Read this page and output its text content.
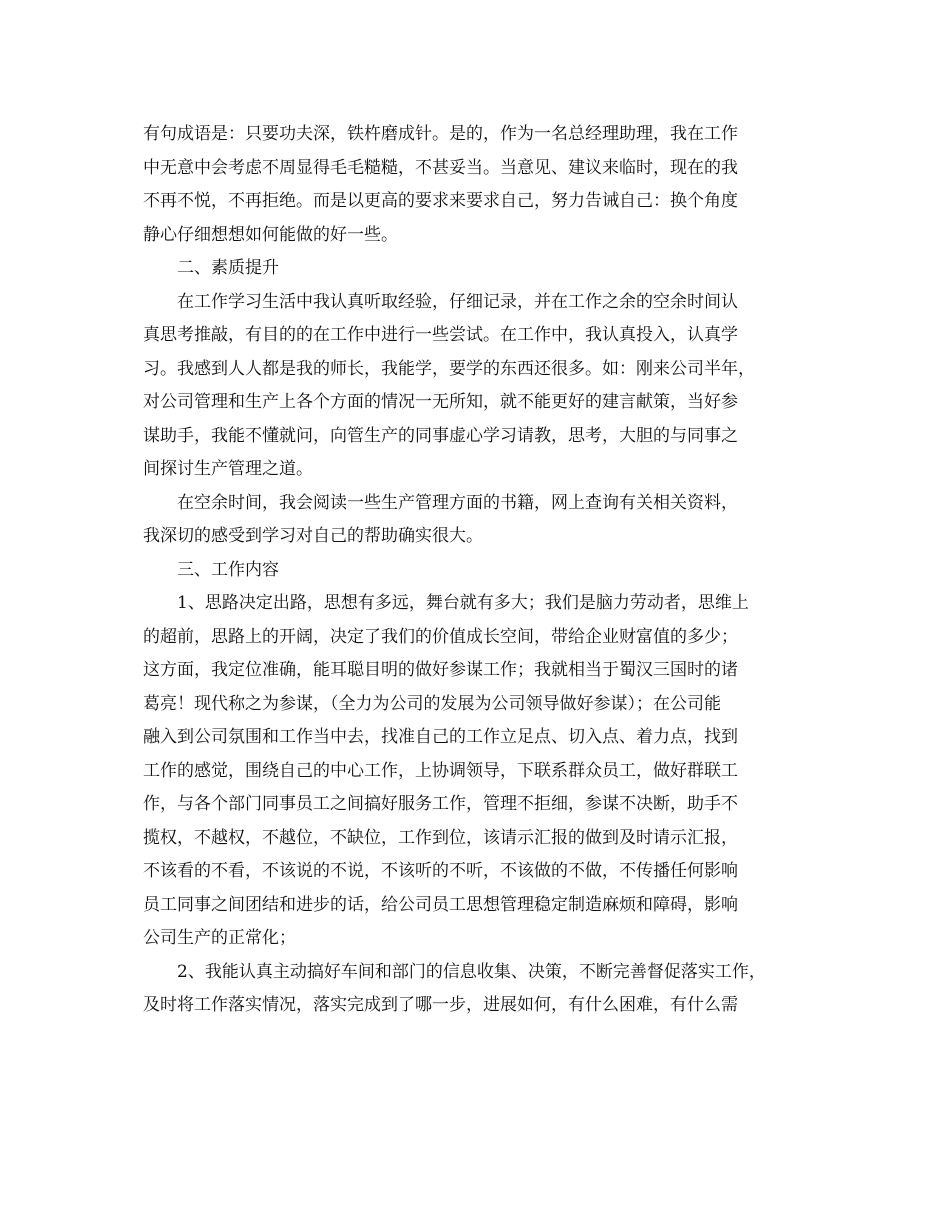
有句成语是：只要功夫深，铁杵磨成针。是的，作为一名总经理助理，我在工作
中无意中会考虑不周显得毛毛糙糙，不甚妥当。当意见、建议来临时，现在的我
不再不悦，不再拒绝。而是以更高的要求来要求自己，努力告诫自己：换个角度
静心仔细想想如何能做的好一些。
二、素质提升
在工作学习生活中我认真听取经验，仔细记录，并在工作之余的空余时间认
真思考推敲，有目的的在工作中进行一些尝试。在工作中，我认真投入，认真学
习。我感到人人都是我的师长，我能学，要学的东西还很多。如：刚来公司半年，
对公司管理和生产上各个方面的情况一无所知，就不能更好的建言献策，当好参
谋助手，我能不懂就问，向管生产的同事虚心学习请教，思考，大胆的与同事之
间探讨生产管理之道。
在空余时间，我会阅读一些生产管理方面的书籍，网上查询有关相关资料，
我深切的感受到学习对自己的帮助确实很大。
三、工作内容
1、思路决定出路，思想有多远，舞台就有多大；我们是脑力劳动者，思维上
的超前，思路上的开阔，决定了我们的价值成长空间，带给企业财富值的多少；
这方面，我定位准确，能耳聪目明的做好参谋工作；我就相当于蜀汉三国时的诸
葛亮！现代称之为参谋，（全力为公司的发展为公司领导做好参谋）；在公司能
融入到公司氛围和工作当中去，找准自己的工作立足点、切入点、着力点，找到
工作的感觉，围绕自己的中心工作，上协调领导，下联系群众员工，做好群联工
作，与各个部门同事员工之间搞好服务工作，管理不拒细，参谋不决断，助手不
揽权，不越权，不越位，不缺位，工作到位，该请示汇报的做到及时请示汇报，
不该看的不看，不该说的不说，不该听的不听，不该做的不做，不传播任何影响
员工同事之间团结和进步的话，给公司员工思想管理稳定制造麻烦和障碍，影响
公司生产的正常化；
2、我能认真主动搞好车间和部门的信息收集、决策，不断完善督促落实工作，
及时将工作落实情况，落实完成到了哪一步，进展如何，有什么困难，有什么需
